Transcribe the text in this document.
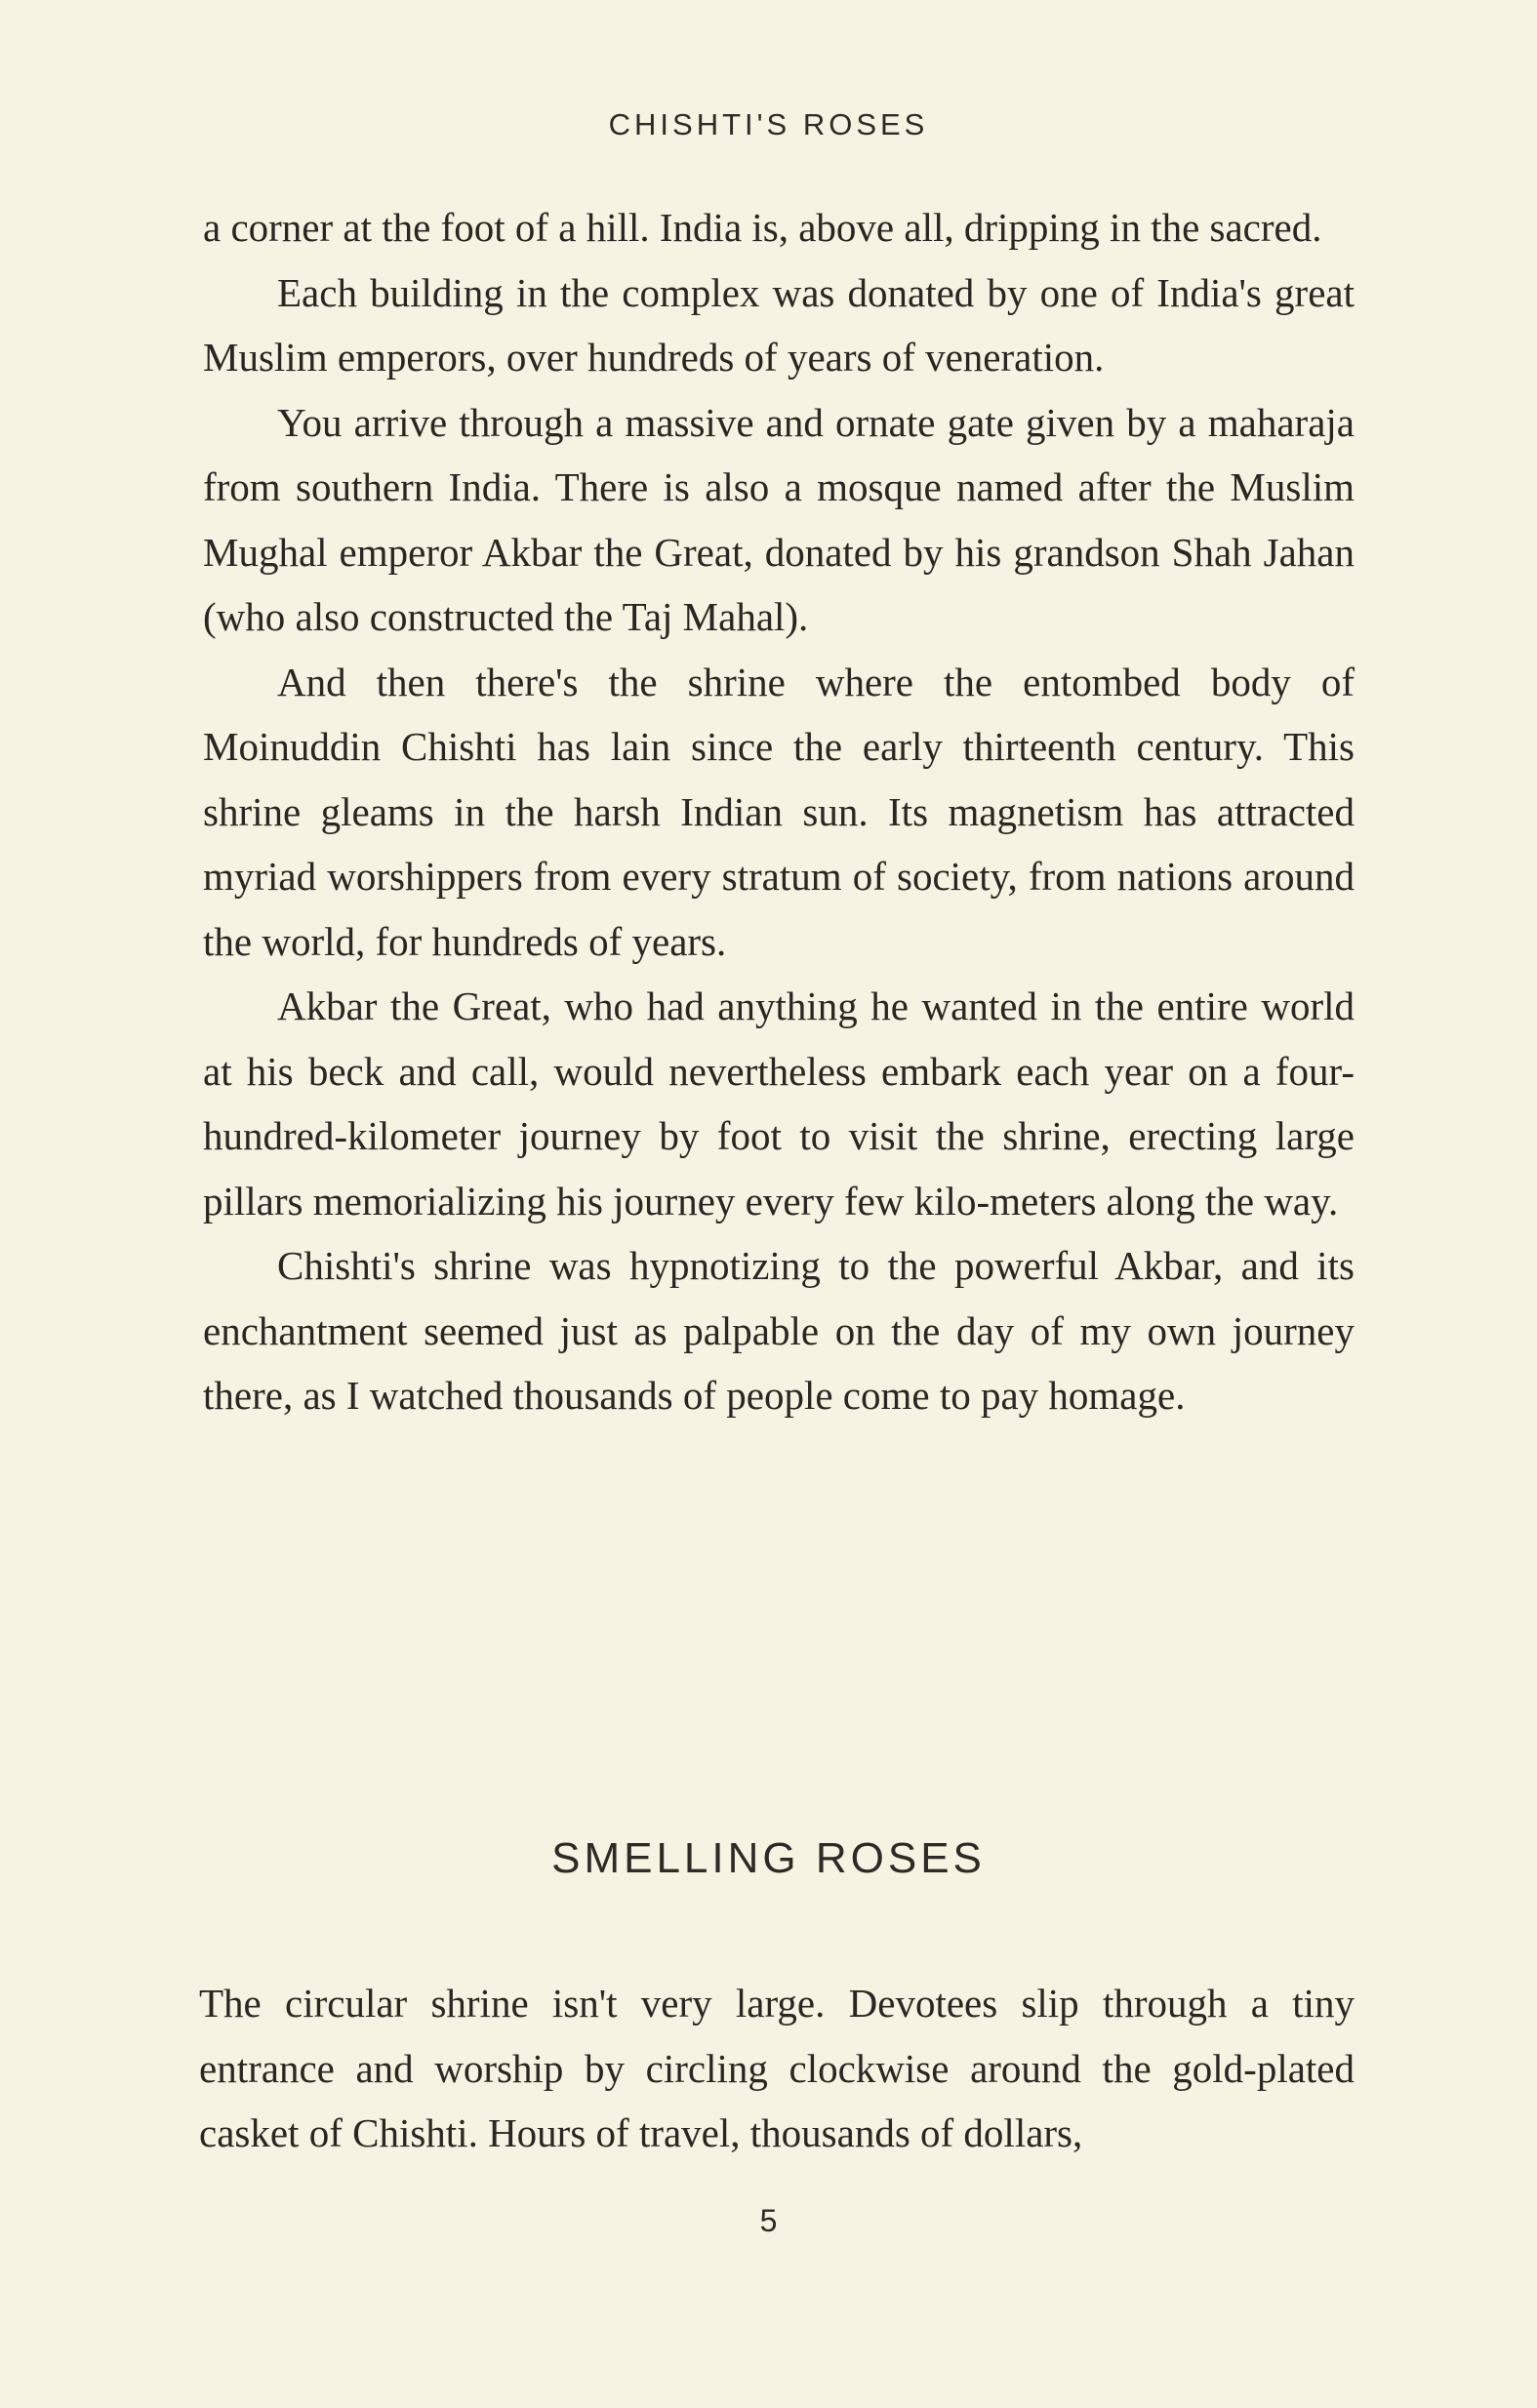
CHISHTI'S ROSES

a corner at the foot of a hill. India is, above all, dripping in the sacred.

Each building in the complex was donated by one of India's great Muslim emperors, over hundreds of years of veneration.

You arrive through a massive and ornate gate given by a maharaja from southern India. There is also a mosque named after the Muslim Mughal emperor Akbar the Great, donated by his grandson Shah Jahan (who also constructed the Taj Mahal).

And then there's the shrine where the entombed body of Moinuddin Chishti has lain since the early thirteenth century. This shrine gleams in the harsh Indian sun. Its magnetism has attracted myriad worshippers from every stratum of society, from nations around the world, for hundreds of years.

Akbar the Great, who had anything he wanted in the entire world at his beck and call, would nevertheless embark each year on a four-hundred-kilometer journey by foot to visit the shrine, erecting large pillars memorializing his journey every few kilo-meters along the way.

Chishti's shrine was hypnotizing to the powerful Akbar, and its enchantment seemed just as palpable on the day of my own journey there, as I watched thousands of people come to pay homage.

SMELLING ROSES

The circular shrine isn't very large. Devotees slip through a tiny entrance and worship by circling clockwise around the gold-plated casket of Chishti. Hours of travel, thousands of dollars,

5
